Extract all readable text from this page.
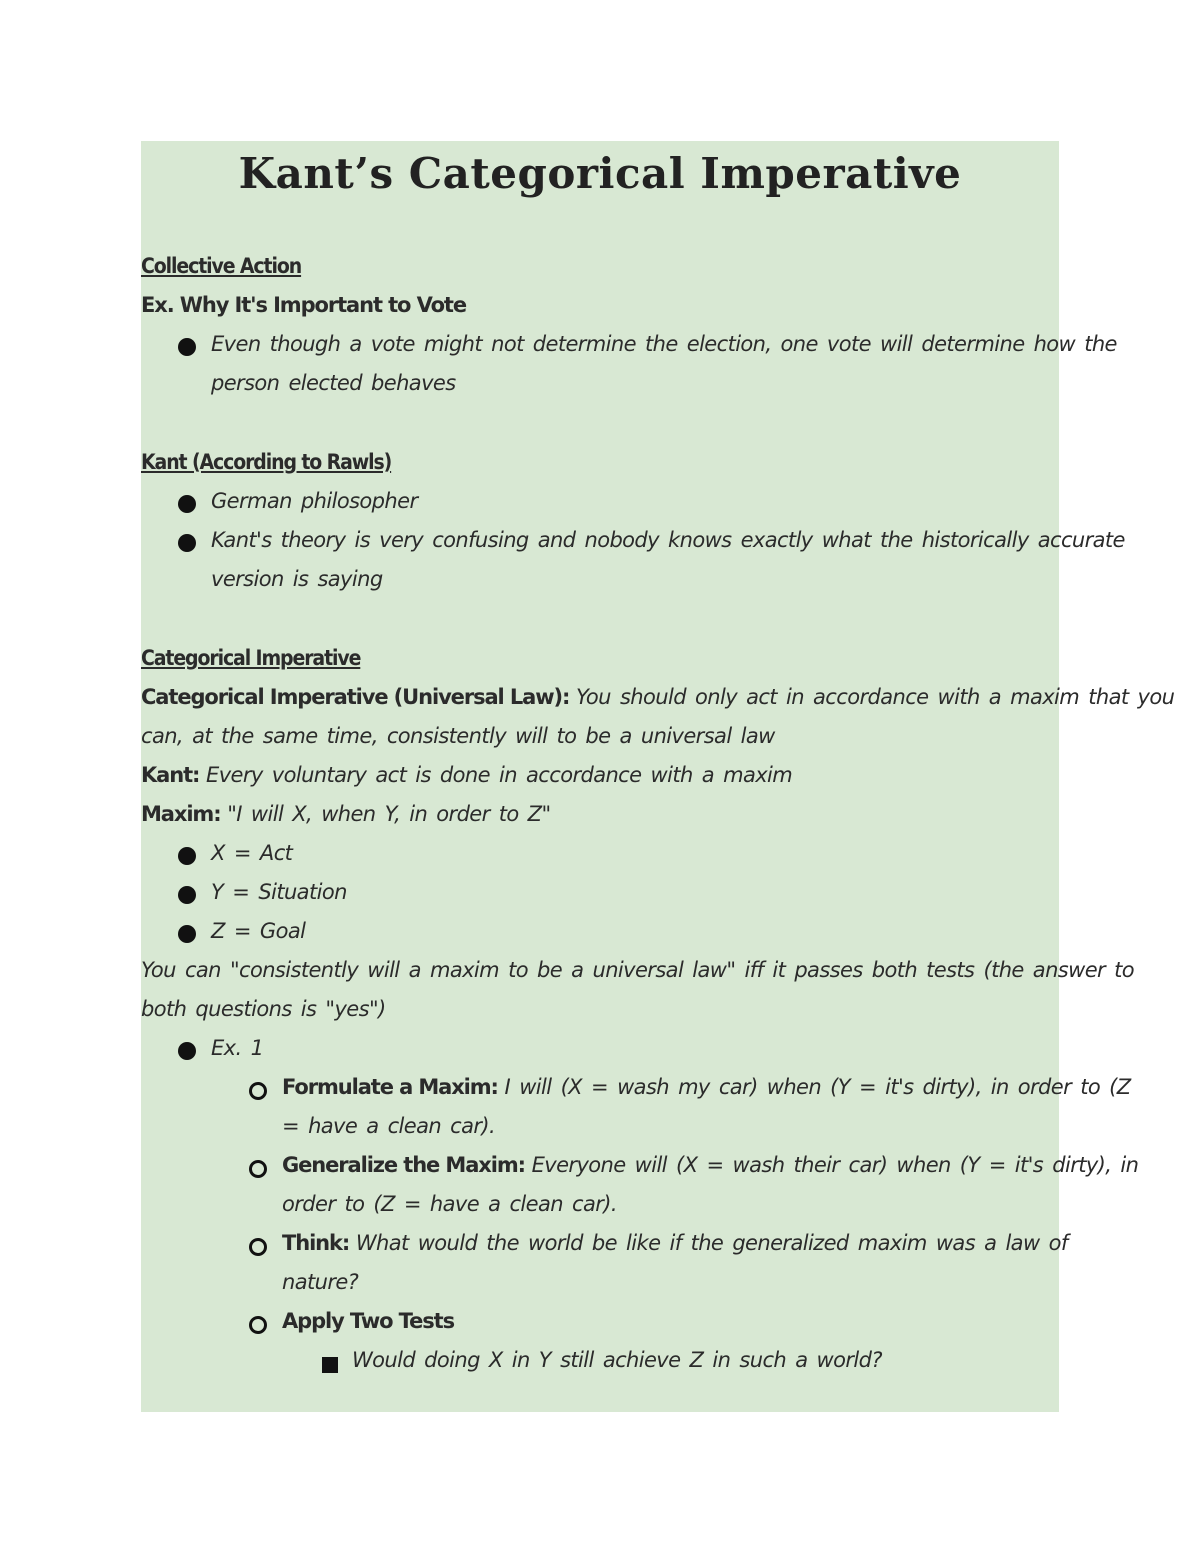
Kant’s Categorical Imperative
Collective Action
Ex. Why It's Important to Vote
Even though a vote might not determine the election, one vote will determine how the
person elected behaves
Kant (According to Rawls)
German philosopher
Kant's theory is very confusing and nobody knows exactly what the historically accurate
version is saying
Categorical Imperative
Categorical Imperative (Universal Law): You should only act in accordance with a maxim that you
can, at the same time, consistently will to be a universal law
Kant: Every voluntary act is done in accordance with a maxim
Maxim: "I will X, when Y, in order to Z"
X = Act
Y = Situation
Z = Goal
You can "consistently will a maxim to be a universal law" iff it passes both tests (the answer to
both questions is "yes")
Ex. 1
Formulate a Maxim: I will (X = wash my car) when (Y = it's dirty), in order to (Z
= have a clean car).
Generalize the Maxim: Everyone will (X = wash their car) when (Y = it's dirty), in
order to (Z = have a clean car).
Think: What would the world be like if the generalized maxim was a law of
nature?
Apply Two Tests
Would doing X in Y still achieve Z in such a world?
